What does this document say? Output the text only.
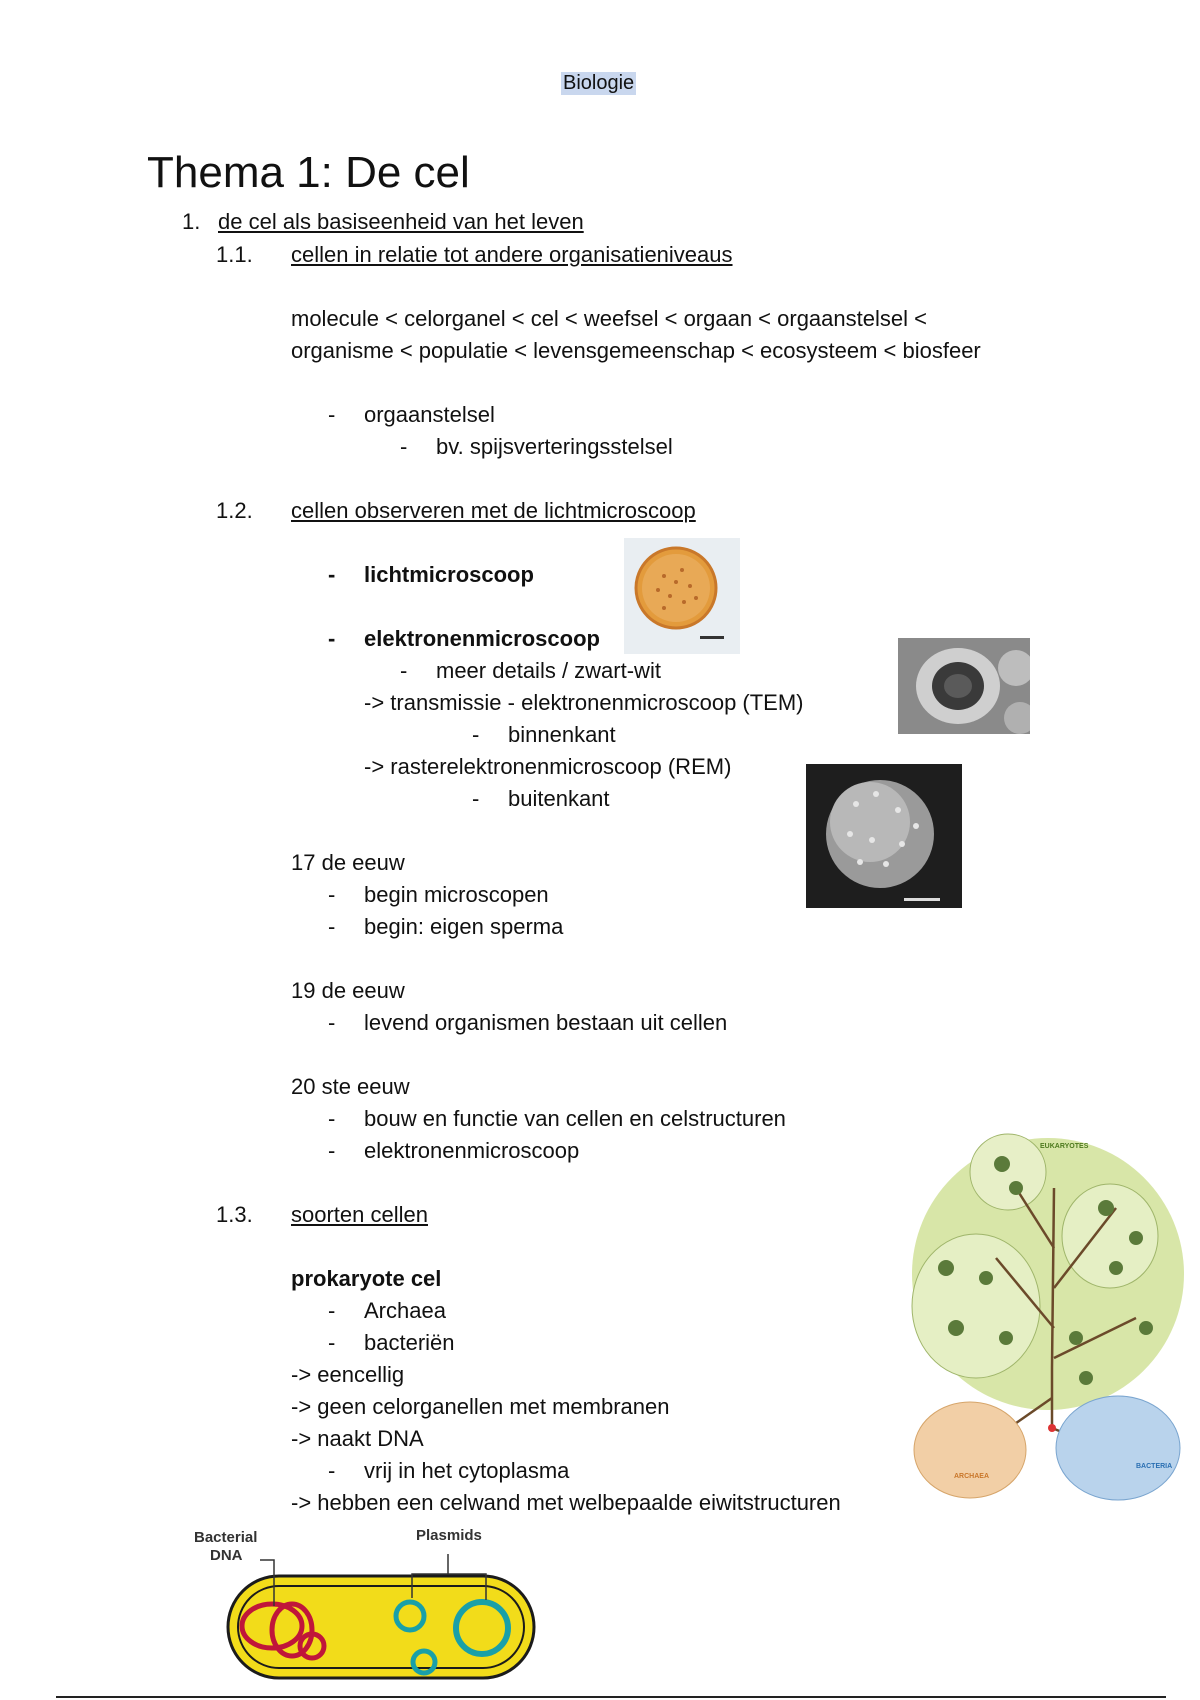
Biologie
Thema 1: De cel
1. de cel als basiseenheid van het leven
1.1. cellen in relatie tot andere organisatieniveaus
molecule < celorganel < cel < weefsel < orgaan < orgaanstelsel <
organisme < populatie < levensgemeenschap < ecosysteem < biosfeer
- orgaanstelsel
- bv. spijsverteringsstelsel
1.2. cellen observeren met de lichtmicroscoop
- lichtmicroscoop
- elektronenmicroscoop
- meer details / zwart-wit
-> transmissie - elektronenmicroscoop (TEM)
- binnenkant
-> rasterelektronenmicroscoop (REM)
- buitenkant
17 de eeuw
- begin microscopen
- begin: eigen sperma
19 de eeuw
- levend organismen bestaan uit cellen
20 ste eeuw
- bouw en functie van cellen en celstructuren
- elektronenmicroscoop
1.3. soorten cellen
prokaryote cel
- Archaea
- bacteriën
-> eencellig
-> geen celorganellen met membranen
-> naakt DNA
- vrij in het cytoplasma
-> hebben een celwand met welbepaalde eiwitstructuren
EUKARYOTES
ARCHAEA
BACTERIA
Bacterial
DNA
Plasmids
